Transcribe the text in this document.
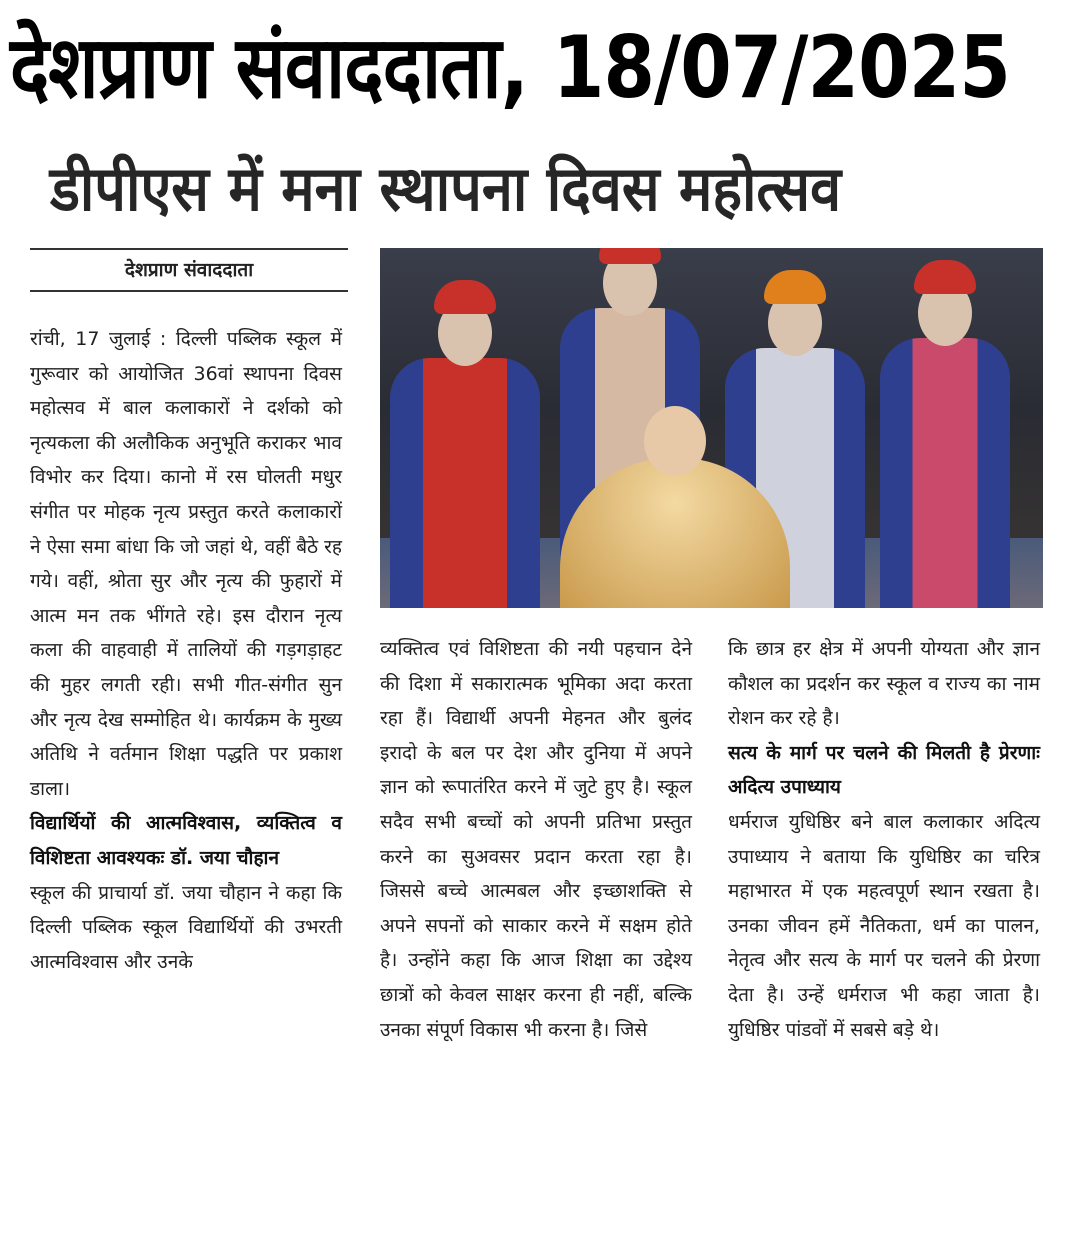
देशप्राण संवाददाता, 18/07/2025
डीपीएस में मना स्थापना दिवस महोत्सव
देशप्राण संवाददाता

रांची, 17 जुलाई : दिल्ली पब्लिक स्कूल में गुरूवार को आयोजित 36वां स्थापना दिवस महोत्सव में बाल कलाकारों ने दर्शको को नृत्यकला की अलौकिक अनुभूति कराकर भाव विभोर कर दिया। कानो में रस घोलती मधुर संगीत पर मोहक नृत्य प्रस्तुत करते कलाकारों ने ऐसा समा बांधा कि जो जहां थे, वहीं बैठे रह गये। वहीं, श्रोता सुर और नृत्य की फुहारों में आत्म मन तक भींगते रहे। इस दौरान नृत्य कला की वाहवाही में तालियों की गड़गड़ाहट की मुहर लगती रही। सभी गीत-संगीत सुन और नृत्य देख सम्मोहित थे। कार्यक्रम के मुख्य अतिथि ने वर्तमान शिक्षा पद्धति पर प्रकाश डाला।

विद्यार्थियों की आत्मविश्वास, व्यक्तित्व व विशिष्टता आवश्यकः डॉ. जया चौहान

स्कूल की प्राचार्या डॉ. जया चौहान ने कहा कि दिल्ली पब्लिक स्कूल विद्यार्थियों की उभरती आत्मविश्वास और उनके

व्यक्तित्व एवं विशिष्टता की नयी पहचान देने की दिशा में सकारात्मक भूमिका अदा करता रहा हैं। विद्यार्थी अपनी मेहनत और बुलंद इरादो के बल पर देश और दुनिया में अपने ज्ञान को रूपातंरित करने में जुटे हुए है। स्कूल सदैव सभी बच्चों को अपनी प्रतिभा प्रस्तुत करने का सुअवसर प्रदान करता रहा है। जिससे बच्चे आत्मबल और इच्छाशक्ति से अपने सपनों को साकार करने में सक्षम होते है। उन्होंने कहा कि आज शिक्षा का उद्देश्य छात्रों को केवल साक्षर करना ही नहीं, बल्कि उनका संपूर्ण विकास भी करना है। जिसे

कि छात्र हर क्षेत्र में अपनी योग्यता और ज्ञान कौशल का प्रदर्शन कर स्कूल व राज्य का नाम रोशन कर रहे है।

सत्य के मार्ग पर चलने की मिलती है प्रेरणाः अदित्य उपाध्याय

धर्मराज युधिष्ठिर बने बाल कलाकार अदित्य उपाध्याय ने बताया कि युधिष्ठिर का चरित्र महाभारत में एक महत्वपूर्ण स्थान रखता है। उनका जीवन हमें नैतिकता, धर्म का पालन, नेतृत्व और सत्य के मार्ग पर चलने की प्रेरणा देता है। उन्हें धर्मराज भी कहा जाता है। युधिष्ठिर पांडवों में सबसे बड़े थे।
